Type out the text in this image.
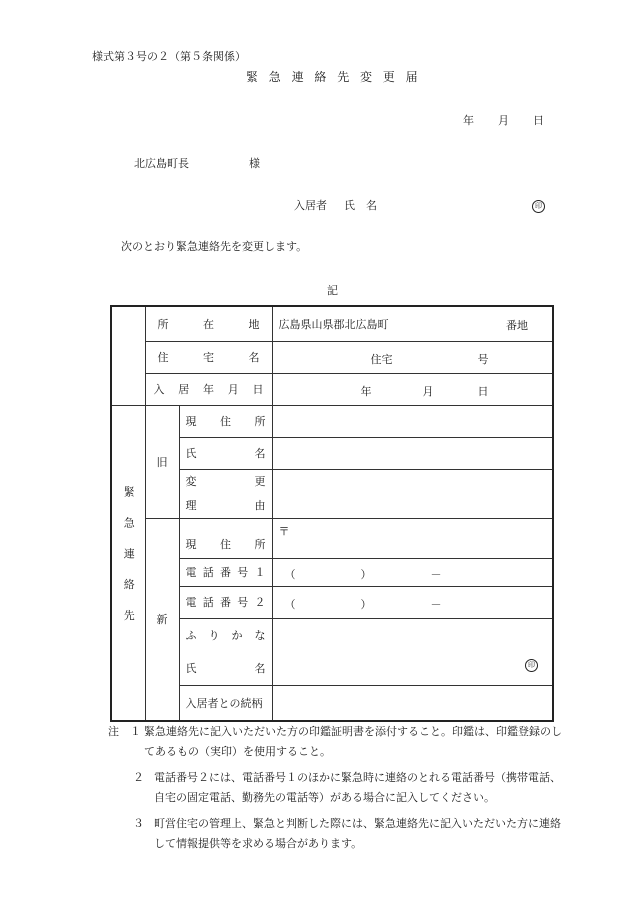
様式第３号の２（第５条関係）
緊急連絡先変更届
年 月 日
北広島町長	様
入居者 氏　名	印
次のとおり緊急連絡先を変更します。
記

	所在地		広島県山県郡北広島町 番地

	住宅名		住宅 号

	入居年月日		年 月 日

緊急連絡先	旧	現住所	

		氏名	

		変更
理由	

	新	現住所	〒

		電話番号１	（ ） －

		電話番号２	（ ） －

		ふりかな
氏名	印

		入居者との続柄	

注　 １ 緊急連絡先に記入いただいた方の印鑑証明書を添付すること。印鑑は、印鑑登録のしてあるもの（実印）を使用すること。
２ 電話番号２には、電話番号１のほかに緊急時に連絡のとれる電話番号（携帯電話、自宅の固定電話、勤務先の電話等）がある場合に記入してください。
３ 町営住宅の管理上、緊急と判断した際には、緊急連絡先に記入いただいた方に連絡して情報提供等を求める場合があります。
